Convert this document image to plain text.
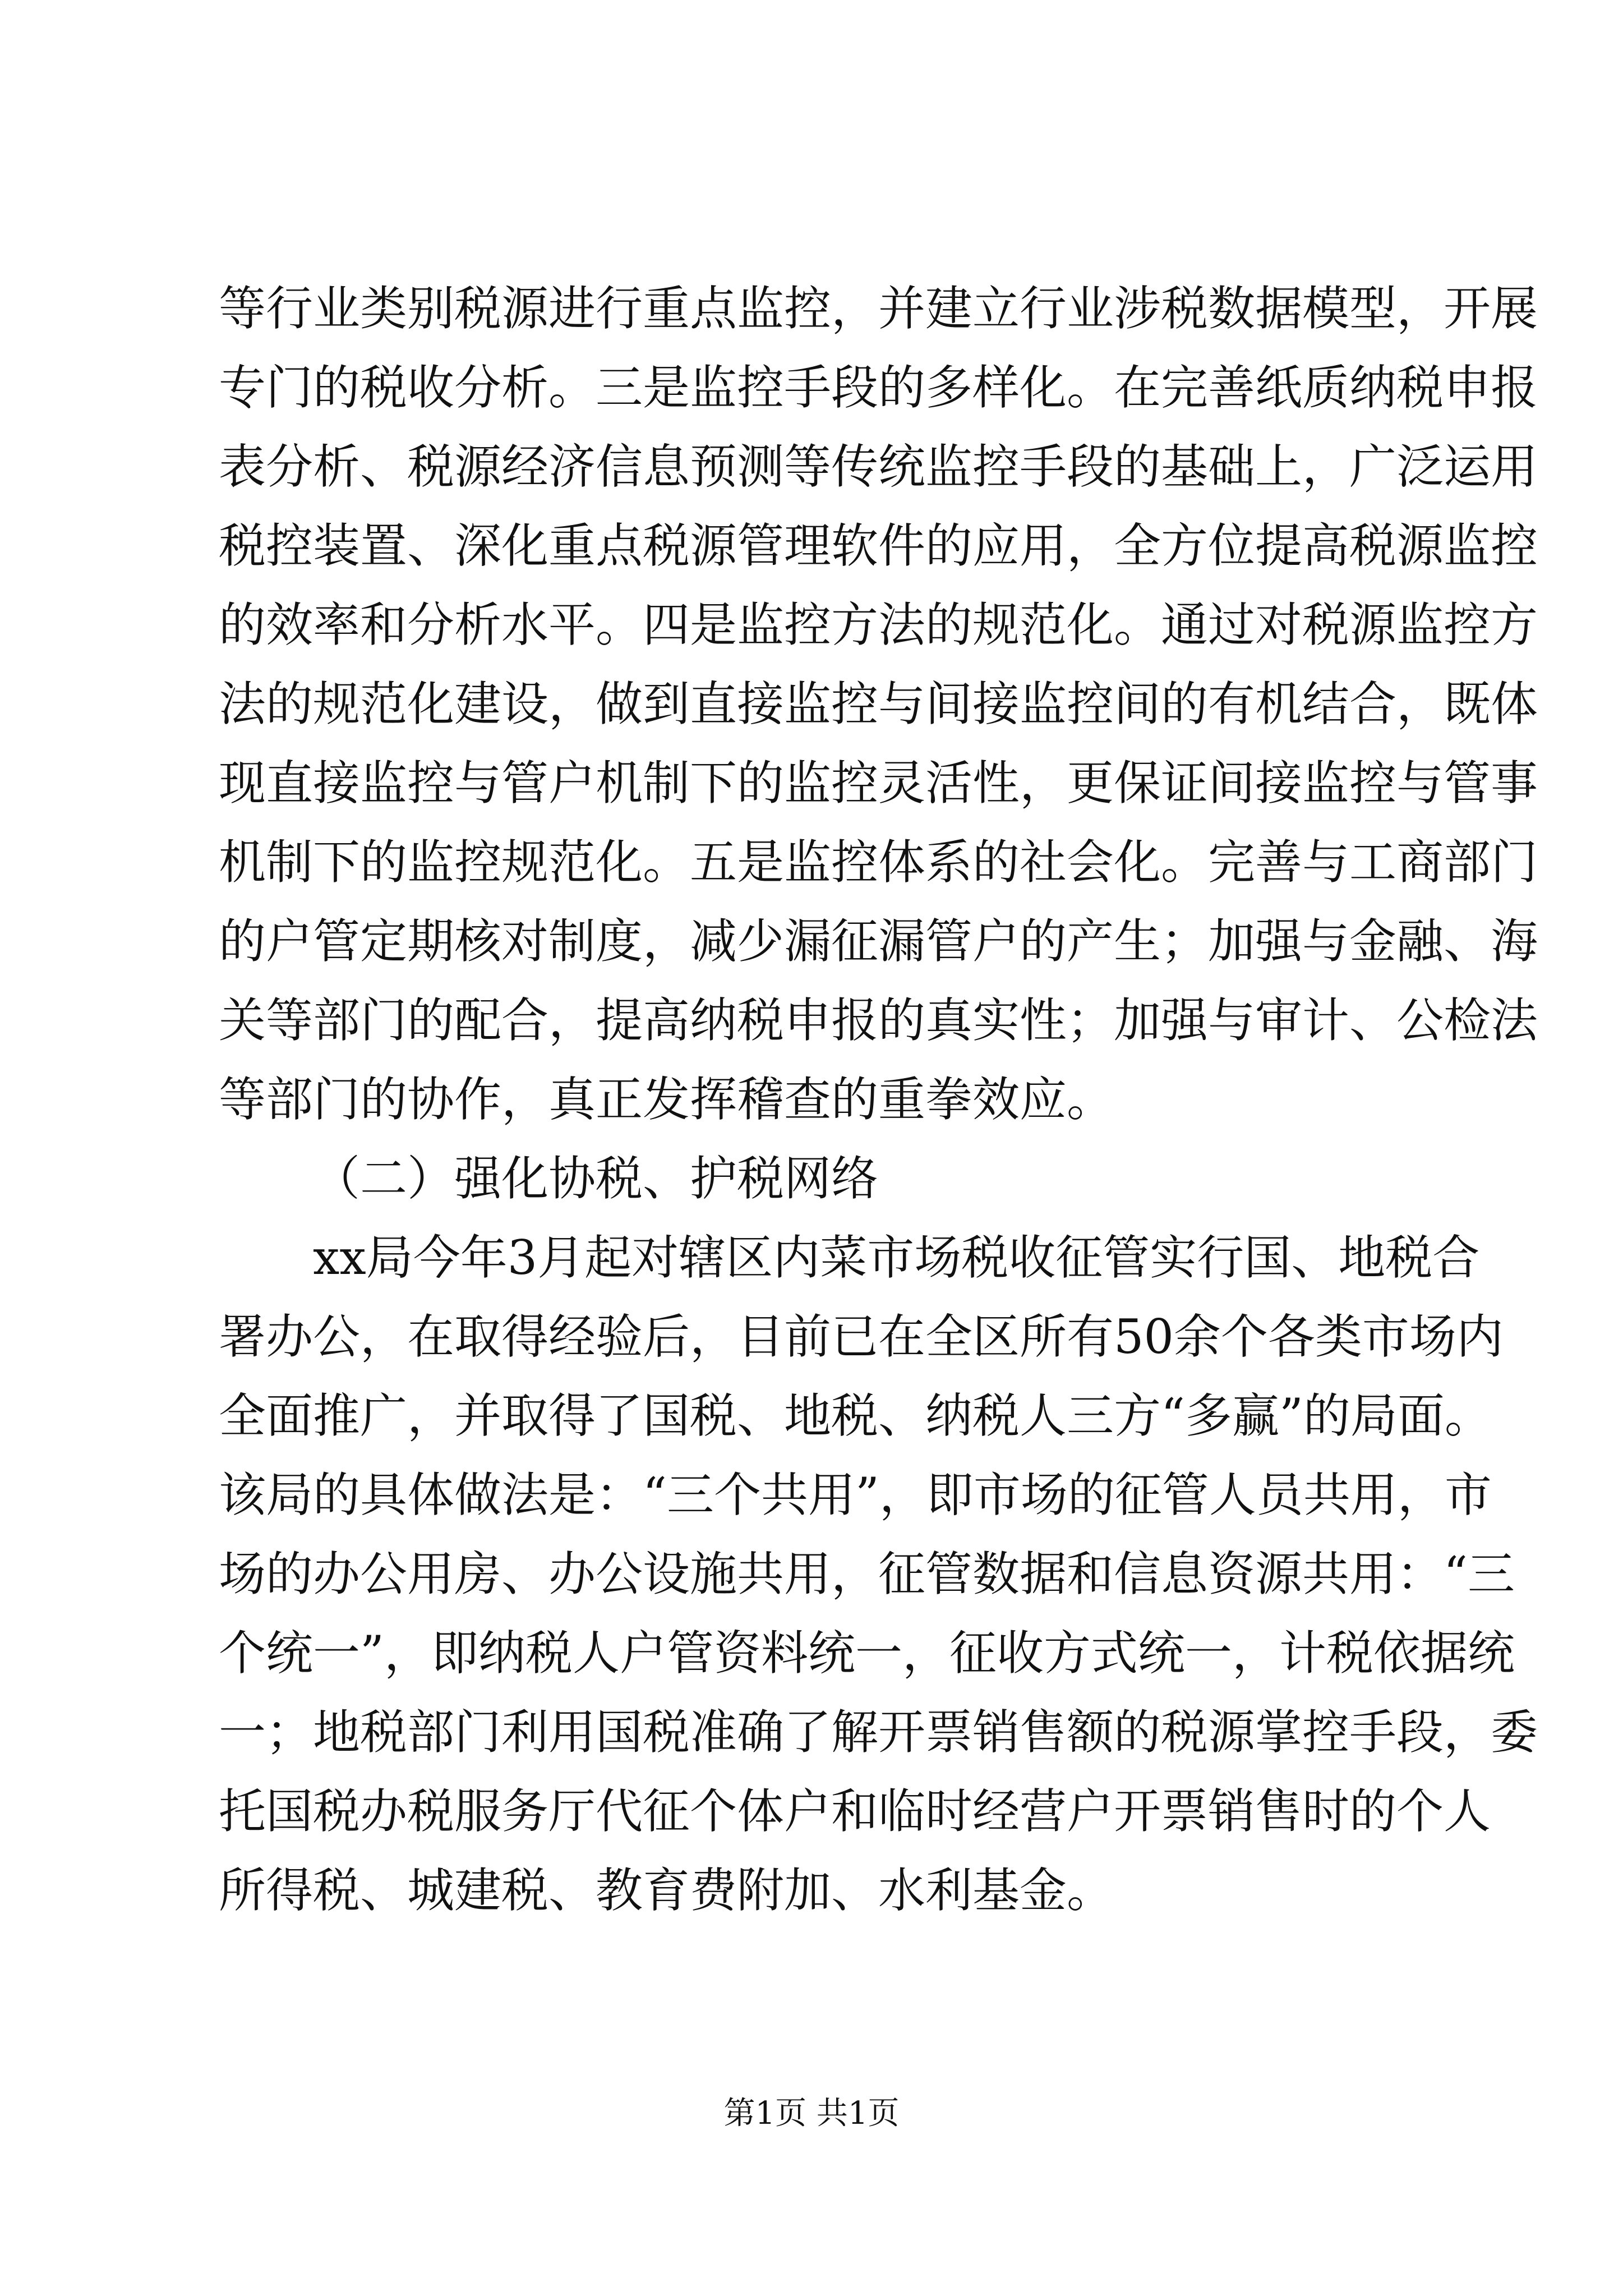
等行业类别税源进行重点监控，并建立行业涉税数据模型，开展
专门的税收分析。三是监控手段的多样化。在完善纸质纳税申报
表分析、税源经济信息预测等传统监控手段的基础上，广泛运用
税控装置、深化重点税源管理软件的应用，全方位提高税源监控
的效率和分析水平。四是监控方法的规范化。通过对税源监控方
法的规范化建设，做到直接监控与间接监控间的有机结合，既体
现直接监控与管户机制下的监控灵活性，更保证间接监控与管事
机制下的监控规范化。五是监控体系的社会化。完善与工商部门
的户管定期核对制度，减少漏征漏管户的产生；加强与金融、海
关等部门的配合，提高纳税申报的真实性；加强与审计、公检法
等部门的协作，真正发挥稽查的重拳效应。
（二）强化协税、护税网络
xx局今年3月起对辖区内菜市场税收征管实行国、地税合
署办公，在取得经验后，目前已在全区所有50余个各类市场内
全面推广，并取得了国税、地税、纳税人三方“多赢”的局面。
该局的具体做法是：“三个共用”，即市场的征管人员共用，市
场的办公用房、办公设施共用，征管数据和信息资源共用：“三
个统一”，即纳税人户管资料统一，征收方式统一，计税依据统
一；地税部门利用国税准确了解开票销售额的税源掌控手段，委
托国税办税服务厅代征个体户和临时经营户开票销售时的个人
所得税、城建税、教育费附加、水利基金。
第1页 共1页
